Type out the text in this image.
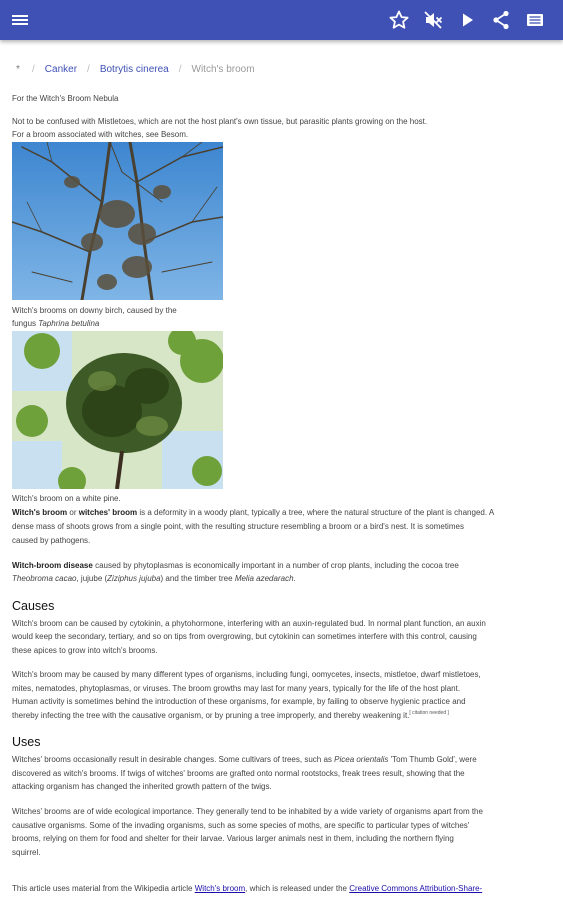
* / Canker / Botrytis cinerea / Witch's broom
For the Witch's Broom Nebula
Not to be confused with Mistletoes, which are not the host plant's own tissue, but parasitic plants growing on the host.
For a broom associated with witches, see Besom.
Witch's brooms on downy birch, caused by the
fungus Taphrina betulina
Witch's broom on a white pine.
Witch's broom or witches' broom is a deformity in a woody plant, typically a tree, where the natural structure of the plant is changed. A
dense mass of shoots grows from a single point, with the resulting structure resembling a broom or a bird's nest. It is sometimes
caused by pathogens.
Witch-broom disease caused by phytoplasmas is economically important in a number of crop plants, including the cocoa tree
Theobroma cacao, jujube (Ziziphus jujuba) and the timber tree Melia azedarach.
Causes
Witch's broom can be caused by cytokinin, a phytohormone, interfering with an auxin-regulated bud. In normal plant function, an auxin
would keep the secondary, tertiary, and so on tips from overgrowing, but cytokinin can sometimes interfere with this control, causing
these apices to grow into witch's brooms.
Witch's broom may be caused by many different types of organisms, including fungi, oomycetes, insects, mistletoe, dwarf mistletoes,
mites, nematodes, phytoplasmas, or viruses. The broom growths may last for many years, typically for the life of the host plant.
Human activity is sometimes behind the introduction of these organisms, for example, by failing to observe hygienic practice and
thereby infecting the tree with the causative organism, or by pruning a tree improperly, and thereby weakening it.[ citation needed ]
Uses
Witches' brooms occasionally result in desirable changes. Some cultivars of trees, such as Picea orientalis 'Tom Thumb Gold', were
discovered as witch's brooms. If twigs of witches' brooms are grafted onto normal rootstocks, freak trees result, showing that the
attacking organism has changed the inherited growth pattern of the twigs.
Witches' brooms are of wide ecological importance. They generally tend to be inhabited by a wide variety of organisms apart from the
causative organisms. Some of the invading organisms, such as some species of moths, are specific to particular types of witches'
brooms, relying on them for food and shelter for their larvae. Various larger animals nest in them, including the northern flying
squirrel.
This article uses material from the Wikipedia article Witch's broom, which is released under the Creative Commons Attribution-Share-
